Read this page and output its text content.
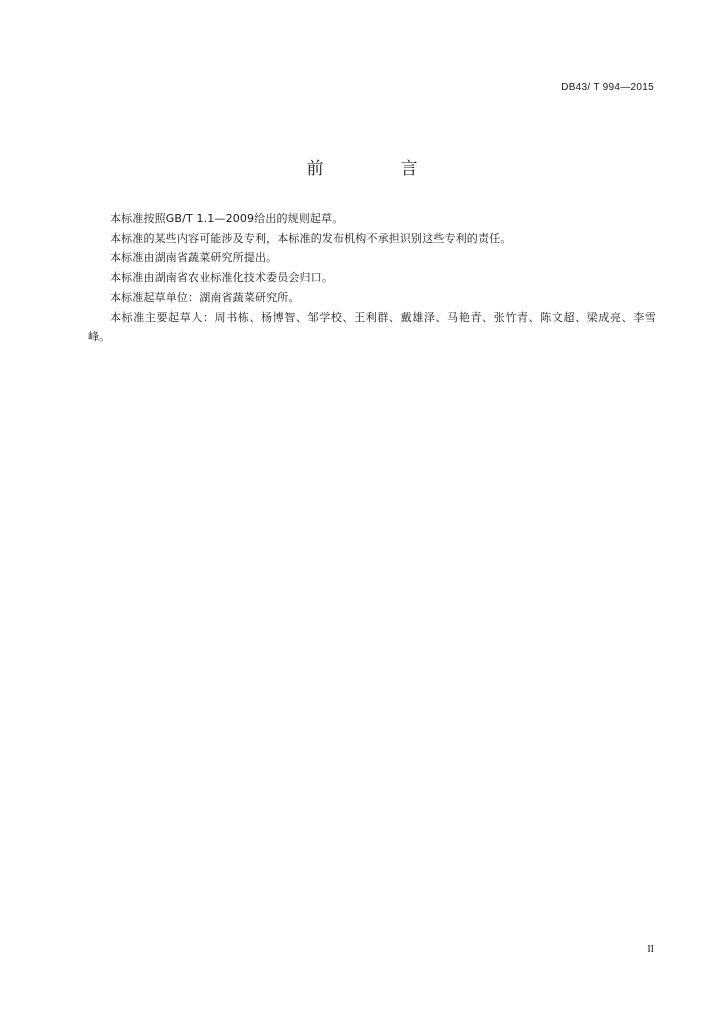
DB43/ T 994—2015
前　言

本标准按照GB/T 1.1—2009给出的规则起草。

本标准的某些内容可能涉及专利，本标准的发布机构不承担识别这些专利的责任。

本标准由湖南省蔬菜研究所提出。

本标准由湖南省农业标准化技术委员会归口。

本标准起草单位：湖南省蔬菜研究所。

本标准主要起草人：周书栋、杨博智、邹学校、王利群、戴雄泽、马艳青、张竹青、陈文超、梁成亮、李雪峰。

II
